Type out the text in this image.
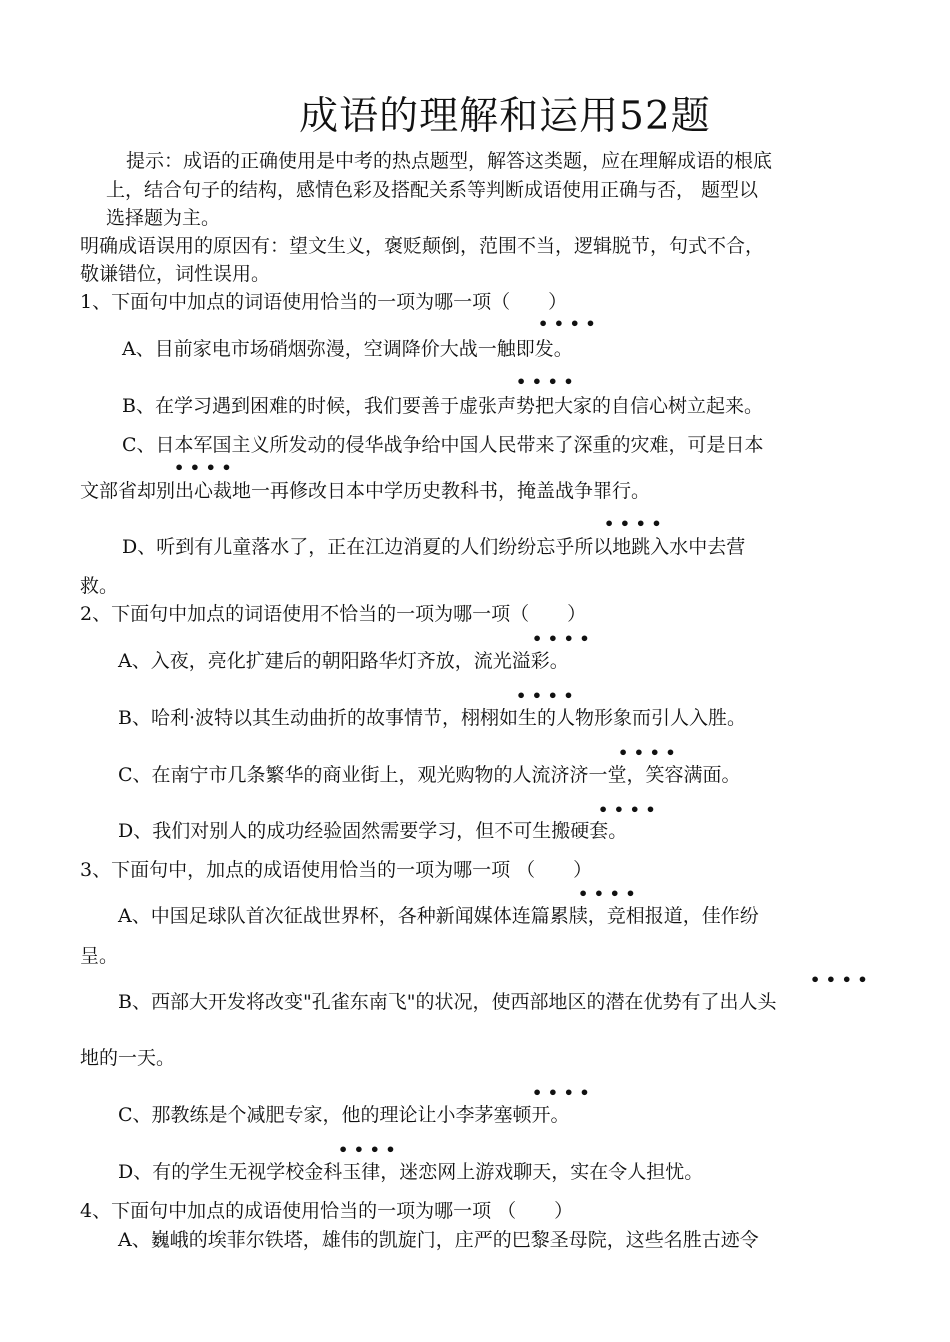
成语的理解和运用52题
提示：成语的正确使用是中考的热点题型，解答这类题，应在理解成语的根底
上，结合句子的结构，感情色彩及搭配关系等判断成语使用正确与否， 题型以
选择题为主。
明确成语误用的原因有：望文生义，褒贬颠倒，范围不当，逻辑脱节，句式不合，
敬谦错位，词性误用。
1、下面句中加点的词语使用恰当的一项为哪一项（　　）
• • • •
A、目前家电市场硝烟弥漫，空调降价大战一触即发。
• • • •
B、在学习遇到困难的时候，我们要善于虚张声势把大家的自信心树立起来。
C、日本军国主义所发动的侵华战争给中国人民带来了深重的灾难，可是日本
• • • •
文部省却别出心裁地一再修改日本中学历史教科书，掩盖战争罪行。
• • • •
D、听到有儿童落水了，正在江边消夏的人们纷纷忘乎所以地跳入水中去营
救。
2、下面句中加点的词语使用不恰当的一项为哪一项（　　）
• • • •
A、入夜，亮化扩建后的朝阳路华灯齐放，流光溢彩。
• • • •
B、哈利·波特以其生动曲折的故事情节，栩栩如生的人物形象而引人入胜。
• • • •
C、在南宁市几条繁华的商业街上，观光购物的人流济济一堂，笑容满面。
• • • •
D、我们对别人的成功经验固然需要学习，但不可生搬硬套。
3、下面句中，加点的成语使用恰当的一项为哪一项 （　　）
• • • •
A、中国足球队首次征战世界杯，各种新闻媒体连篇累牍，竞相报道，佳作纷
呈。
• • • •
B、西部大开发将改变"孔雀东南飞"的状况，使西部地区的潜在优势有了出人头
地的一天。
• • • •
C、那教练是个减肥专家，他的理论让小李茅塞顿开。
• • • •
D、有的学生无视学校金科玉律，迷恋网上游戏聊天，实在令人担忧。
4、下面句中加点的成语使用恰当的一项为哪一项 （　　）
A、巍峨的埃菲尔铁塔，雄伟的凯旋门，庄严的巴黎圣母院，这些名胜古迹令
